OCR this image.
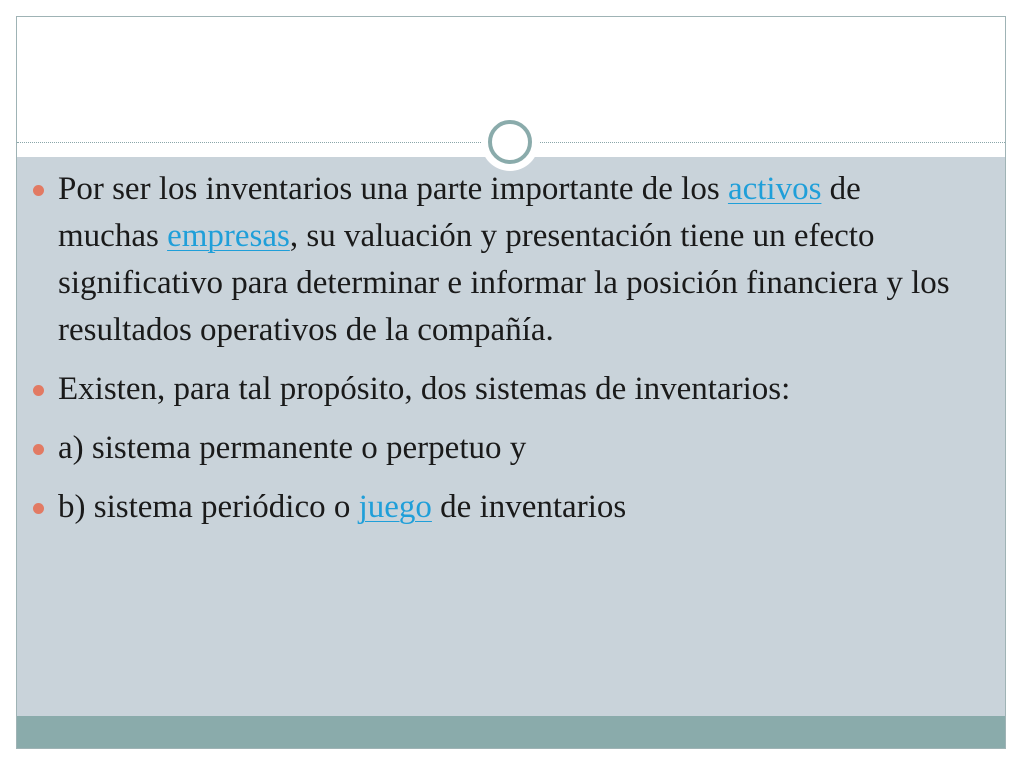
Por ser los inventarios una parte importante de los activos de muchas empresas, su valuación y presentación tiene un efecto significativo para determinar e informar la posición financiera y los resultados operativos de la compañía.
Existen, para tal propósito, dos sistemas de inventarios:
a) sistema permanente o perpetuo y
b) sistema periódico o juego de inventarios
